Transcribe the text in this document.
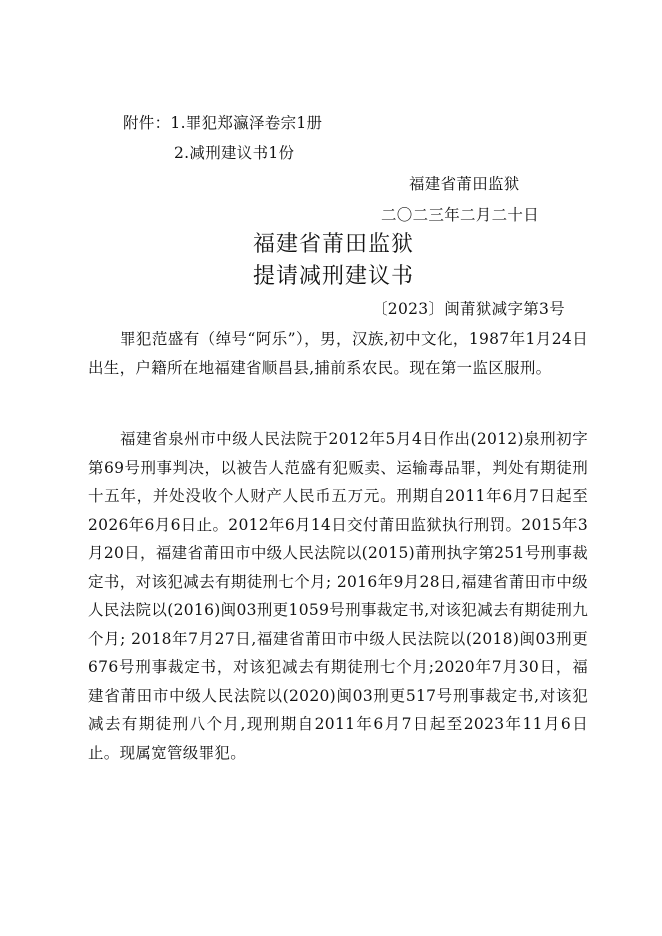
附件：1.罪犯郑瀛泽卷宗1册
2.减刑建议书1份
福建省莆田监狱
二〇二三年二月二十日
福建省莆田监狱
提请减刑建议书
〔2023〕闽莆狱减字第3号
罪犯范盛有（绰号“阿乐”），男，汉族,初中文化，1987年1月24日出生，户籍所在地福建省顺昌县,捕前系农民。现在第一监区服刑。
福建省泉州市中级人民法院于2012年5月4日作出(2012)泉刑初字第69号刑事判决，以被告人范盛有犯贩卖、运输毒品罪，判处有期徒刑十五年，并处没收个人财产人民币五万元。刑期自2011年6月7日起至2026年6月6日止。2012年6月14日交付莆田监狱执行刑罚。2015年3月20日，福建省莆田市中级人民法院以(2015)莆刑执字第251号刑事裁定书，对该犯减去有期徒刑七个月; 2016年9月28日,福建省莆田市中级人民法院以(2016)闽03刑更1059号刑事裁定书,对该犯减去有期徒刑九个月; 2018年7月27日,福建省莆田市中级人民法院以(2018)闽03刑更676号刑事裁定书，对该犯减去有期徒刑七个月;2020年7月30日，福建省莆田市中级人民法院以(2020)闽03刑更517号刑事裁定书,对该犯减去有期徒刑八个月,现刑期自2011年6月7日起至2023年11月6日止。现属宽管级罪犯。
